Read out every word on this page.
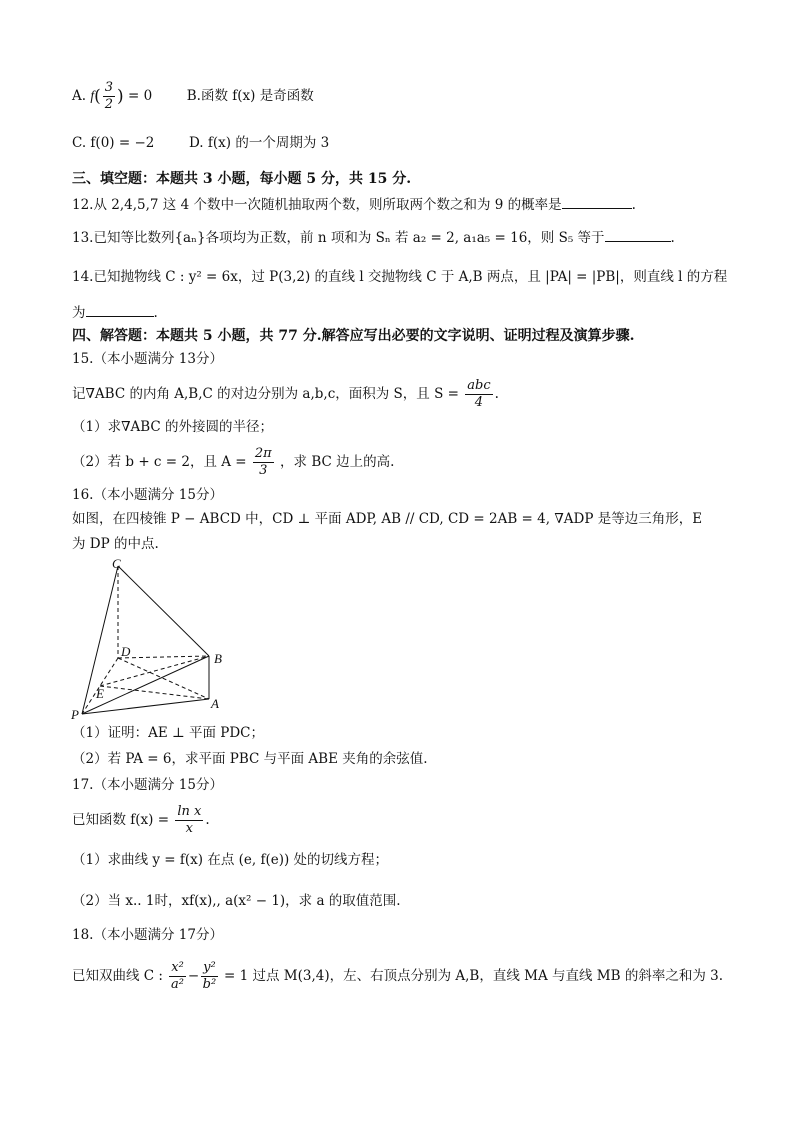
A. $f( \frac{3}{2}$ ) = 0	B.函数 f(x) 是奇函数
C. f(0) = −2	D. f(x) 的一个周期为 3
三、填空题：本题共 3 小题，每小题 5 分，共 15 分.
12.从 2,4,5,7 这 4 个数中一次随机抽取两个数，则所取两个数之和为 9 的概率是	.
13.已知等比数列{aₙ}各项均为正数，前 n 项和为 Sₙ 若 a₂ = 2, a₁a₅ = 16，则 S₅ 等于	.
14.已知抛物线 C : y² = 6x，过 P(3,2) 的直线 l 交抛物线 C 于 A,B 两点，且 |PA| = |PB|，则直线 l 的方程
为	.
四、解答题：本题共 5 小题，共 77 分.解答应写出必要的文字说明、证明过程及演算步骤.
15.（本小题满分 13分）
记∇ABC 的内角 A,B,C 的对边分别为 a,b,c，面积为 S，且 $S = \frac{\text{abc}}{4}$ .
（1）求∇ABC 的外接圆的半径；
（2）若 b + c = 2，且 $A = \frac{2\pi}{3}$ ，求 BC 边上的高.
16.（本小题满分 15分）
如图，在四棱锥 P − ABCD 中，CD ⊥ 平面 ADP, AB // CD, CD = 2AB = 4, ∇ADP 是等边三角形，E
为 DP 的中点.
C
D	B
E
A
P
（1）证明：AE ⊥ 平面 PDC；
（2）若 PA = 6，求平面 PBC 与平面 ABE 夹角的余弦值.
17.（本小题满分 15分）
已知函数 $f(x) = \frac{\text{ln x}}{x}$ .
（1）求曲线 y = f(x) 在点 (e, f(e)) 处的切线方程；
（2）当 x.. 1时，xf(x),, a(x² − 1)，求 a 的取值范围.
18.（本小题满分 17分）
已知双曲线 C : $\frac{\text{x²}}{\text{a²}} - \frac{\text{y²}}{\text{b²}} = 1$ 过点 M(3,4)，左、右顶点分别为 A,B，直线 MA 与直线 MB 的斜率之和为 3.
